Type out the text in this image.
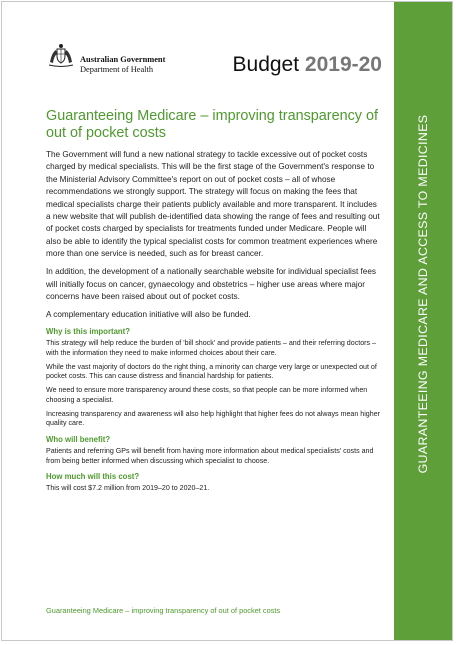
Australian Government
Department of Health	Budget 2019-20
Guaranteeing Medicare – improving transparency of out of pocket costs

The Government will fund a new national strategy to tackle excessive out of pocket costs charged by medical specialists. This will be the first stage of the Government's response to the Ministerial Advisory Committee's report on out of pocket costs – all of whose recommendations we strongly support. The strategy will focus on making the fees that medical specialists charge their patients publicly available and more transparent. It includes a new website that will publish de-identified data showing the range of fees and resulting out of pocket costs charged by specialists for treatments funded under Medicare. People will also be able to identify the typical specialist costs for common treatment experiences where more than one service is needed, such as for breast cancer.

In addition, the development of a nationally searchable website for individual specialist fees will initially focus on cancer, gynaecology and obstetrics – higher use areas where major concerns have been raised about out of pocket costs.

A complementary education initiative will also be funded.

Why is this important?

This strategy will help reduce the burden of 'bill shock' and provide patients – and their referring doctors – with the information they need to make informed choices about their care.

While the vast majority of doctors do the right thing, a minority can charge very large or unexpected out of pocket costs. This can cause distress and financial hardship for patients.

We need to ensure more transparency around these costs, so that people can be more informed when choosing a specialist.

Increasing transparency and awareness will also help highlight that higher fees do not always mean higher quality care.

Who will benefit?

Patients and referring GPs will benefit from having more information about medical specialists' costs and from being better informed when discussing which specialist to choose.

How much will this cost?

This will cost $7.2 million from 2019–20 to 2020–21.

Guaranteeing Medicare – improving transparency of out of pocket costs
GUARANTEEING MEDICARE AND ACCESS TO MEDICINES
